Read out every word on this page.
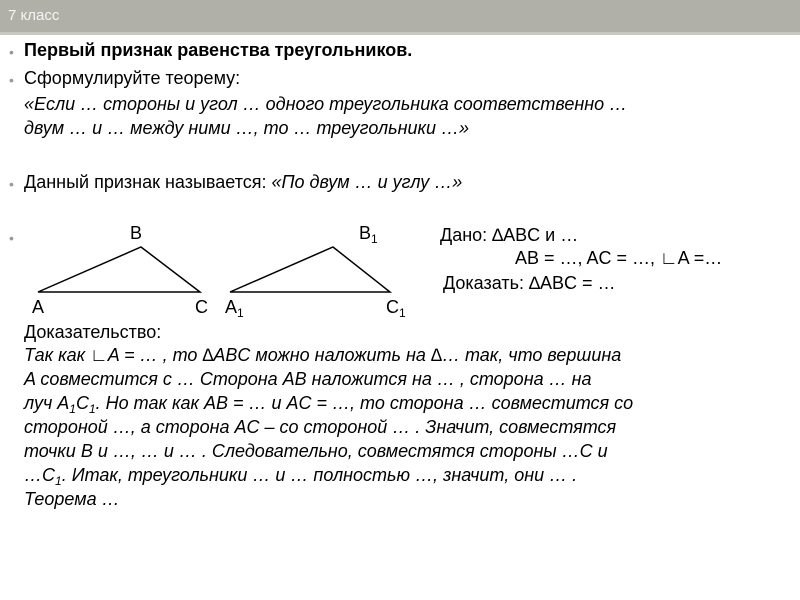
7 класс
• Первый признак равенства треугольников.
• Сформулируйте теорему:
«Если … стороны и угол … одного треугольника соответственно …
двум … и … между ними …, то … треугольники …»
• Данный признак называется: «По двум … и углу …»
•	B
A	C
$B_1$
$A_1$	$C_1$
Дано: ∆ABC и …
AB = …, AC = …, ∟A =…
Доказать: ∆ABC = …
Доказательство:
Так как ∟A = … , то ∆ABC можно наложить на ∆… так, что вершина
A совместится с … Сторона AB наложится на … , сторона … на
луч $A_1C_1$. Но так как AB = … и AC = …, то сторона … совместится со
стороной …, а сторона AC – со стороной … . Значит, совместятся
точки B и …, … и … . Следовательно, совместятся стороны …C и
$\dots C_1$. Итак, треугольники … и … полностью …, значит, они … .
Теорема …
